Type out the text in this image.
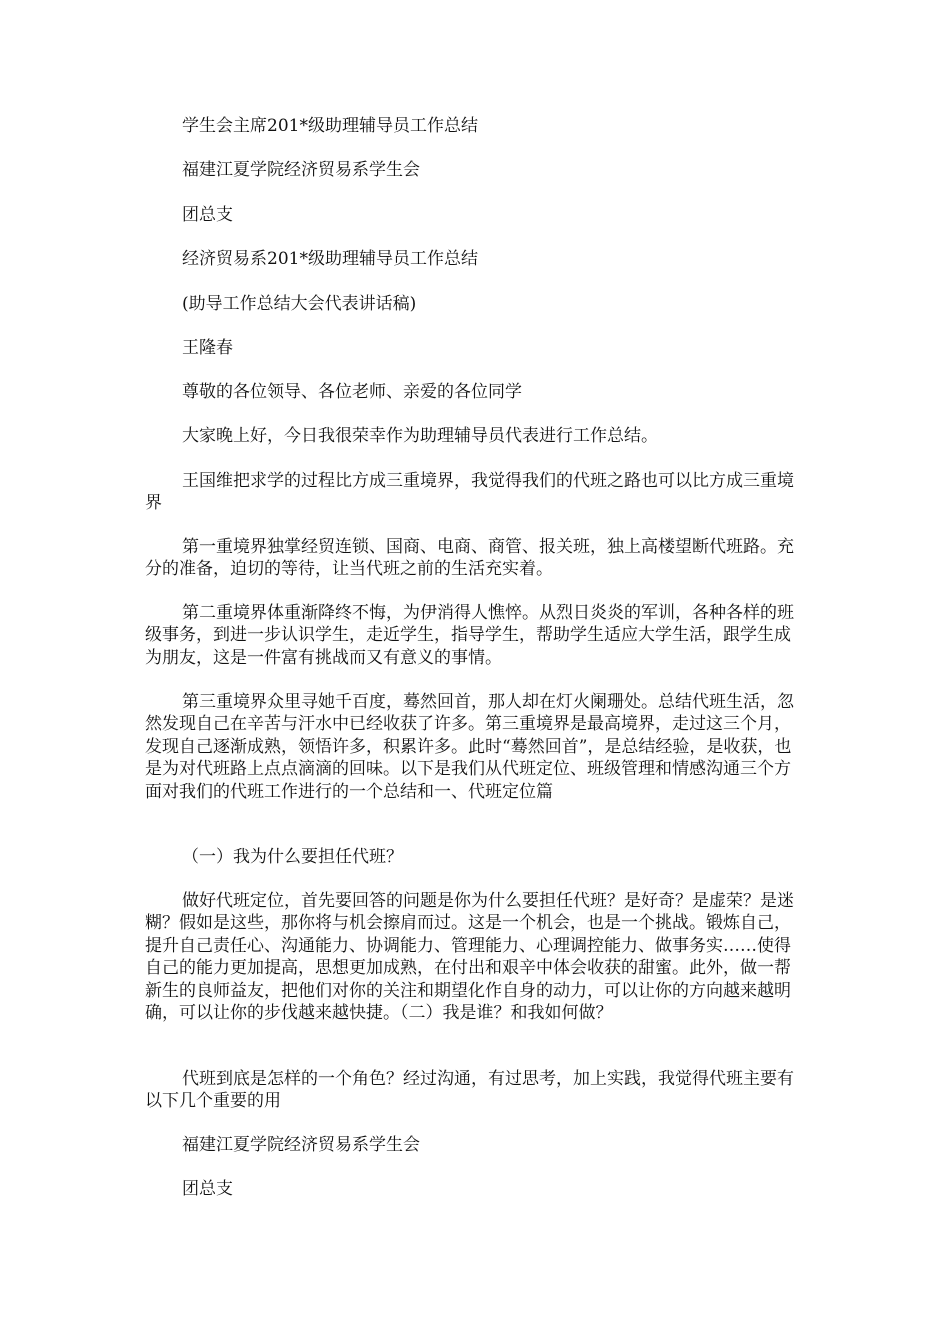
学生会主席201*级助理辅导员工作总结

福建江夏学院经济贸易系学生会

团总支

经济贸易系201*级助理辅导员工作总结

(助导工作总结大会代表讲话稿)

王隆春

尊敬的各位领导、各位老师、亲爱的各位同学

大家晚上好，今日我很荣幸作为助理辅导员代表进行工作总结。

王国维把求学的过程比方成三重境界，我觉得我们的代班之路也可以比方成三重境界

第一重境界独掌经贸连锁、国商、电商、商管、报关班，独上高楼望断代班路。充分的准备，迫切的等待，让当代班之前的生活充实着。

第二重境界体重渐降终不悔，为伊消得人憔悴。从烈日炎炎的军训，各种各样的班级事务，到进一步认识学生，走近学生，指导学生，帮助学生适应大学生活，跟学生成为朋友，这是一件富有挑战而又有意义的事情。

第三重境界众里寻她千百度，蓦然回首，那人却在灯火阑珊处。总结代班生活，忽然发现自己在辛苦与汗水中已经收获了许多。第三重境界是最高境界，走过这三个月，发现自己逐渐成熟，领悟许多，积累许多。此时“蓦然回首”，是总结经验，是收获，也是为对代班路上点点滴滴的回味。以下是我们从代班定位、班级管理和情感沟通三个方面对我们的代班工作进行的一个总结和一、代班定位篇

（一）我为什么要担任代班？

做好代班定位，首先要回答的问题是你为什么要担任代班？是好奇？是虚荣？是迷糊？假如是这些，那你将与机会擦肩而过。这是一个机会，也是一个挑战。锻炼自己，提升自己责任心、沟通能力、协调能力、管理能力、心理调控能力、做事务实……使得自己的能力更加提高，思想更加成熟，在付出和艰辛中体会收获的甜蜜。此外，做一帮新生的良师益友，把他们对你的关注和期望化作自身的动力，可以让你的方向越来越明确，可以让你的步伐越来越快捷。（二）我是谁？和我如何做？

代班到底是怎样的一个角色？经过沟通，有过思考，加上实践，我觉得代班主要有以下几个重要的用

福建江夏学院经济贸易系学生会

团总支
